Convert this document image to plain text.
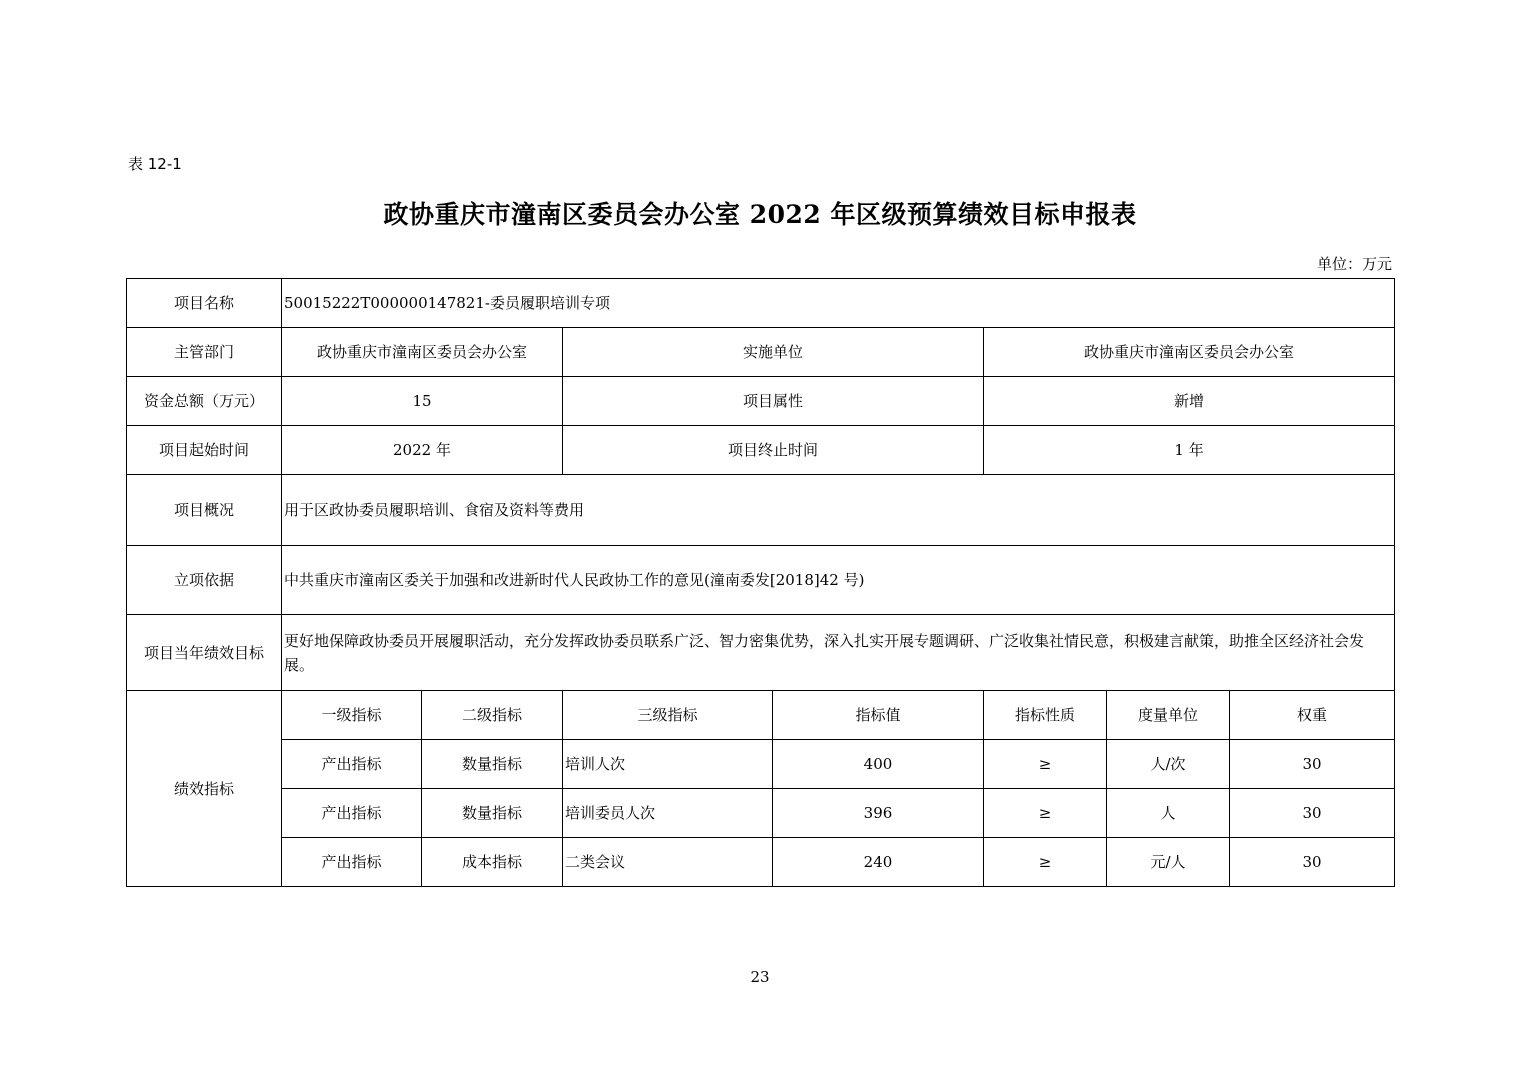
表 12-1
政协重庆市潼南区委员会办公室 2022 年区级预算绩效目标申报表
单位：万元
项目名称	50015222T000000147821-委员履职培训专项						
主管部门	政协重庆市潼南区委员会办公室		实施单位		政协重庆市潼南区委员会办公室		
资金总额（万元）	15		项目属性		新增		
项目起始时间	2022 年		项目终止时间		1 年		
项目概况	用于区政协委员履职培训、食宿及资料等费用						
立项依据	中共重庆市潼南区委关于加强和改进新时代人民政协工作的意见(潼南委发[2018]42 号)						
项目当年绩效目标	更好地保障政协委员开展履职活动，充分发挥政协委员联系广泛、智力密集优势，深入扎实开展专题调研、广泛收集社情民意，积极建言献策，助推全区经济社会发展。						
绩效指标	一级指标	二级指标	三级指标	指标值	指标性质	度量单位	权重
	产出指标	数量指标	培训人次	400	≥	人/次	30
	产出指标	数量指标	培训委员人次	396	≥	人	30
	产出指标	成本指标	二类会议	240	≥	元/人	30
23
